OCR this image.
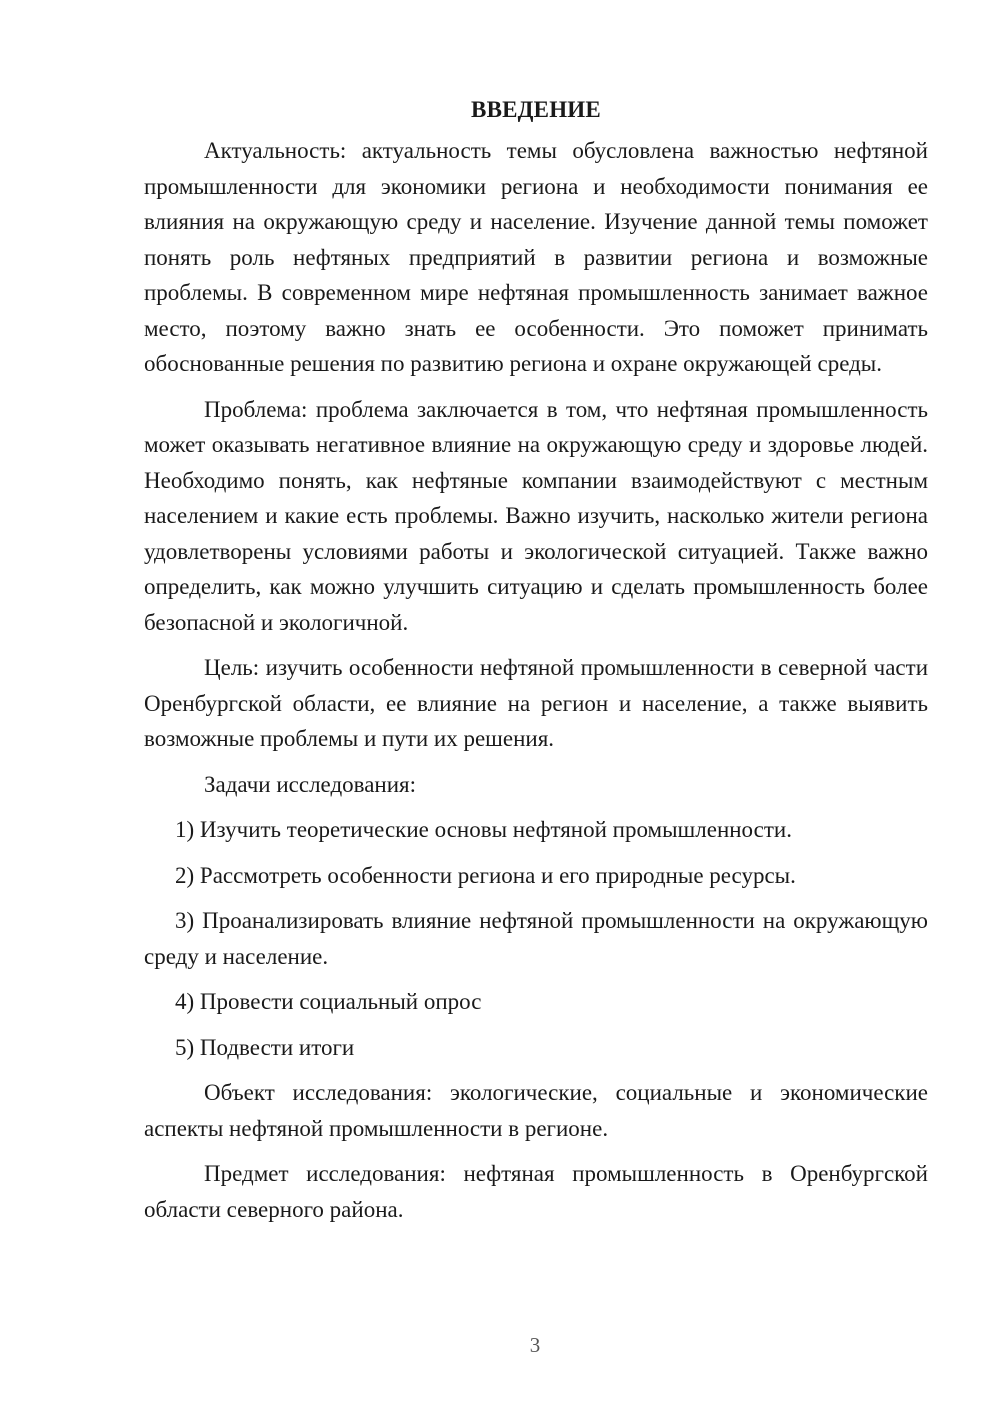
ВВЕДЕНИЕ

Актуальность: актуальность темы обусловлена важностью нефтяной промышленности для экономики региона и необходимости понимания ее влияния на окружающую среду и население. Изучение данной темы поможет понять роль нефтяных предприятий в развитии региона и возможные проблемы. В современном мире нефтяная промышленность занимает важное место, поэтому важно знать ее особенности. Это поможет принимать обоснованные решения по развитию региона и охране окружающей среды.

Проблема: проблема заключается в том, что нефтяная промышленность может оказывать негативное влияние на окружающую среду и здоровье людей. Необходимо понять, как нефтяные компании взаимодействуют с местным населением и какие есть проблемы. Важно изучить, насколько жители региона удовлетворены условиями работы и экологической ситуацией. Также важно определить, как можно улучшить ситуацию и сделать промышленность более безопасной и экологичной.

Цель: изучить особенности нефтяной промышленности в северной части Оренбургской области, ее влияние на регион и население, а также выявить возможные проблемы и пути их решения.

Задачи исследования:

1) Изучить теоретические основы нефтяной промышленности.

2) Рассмотреть особенности региона и его природные ресурсы.

3) Проанализировать влияние нефтяной промышленности на окружающую среду и население.

4) Провести социальный опрос

5) Подвести итоги

Объект исследования: экологические, социальные и экономические аспекты нефтяной промышленности в регионе.

Предмет исследования: нефтяная промышленность в Оренбургской области северного района.

3
